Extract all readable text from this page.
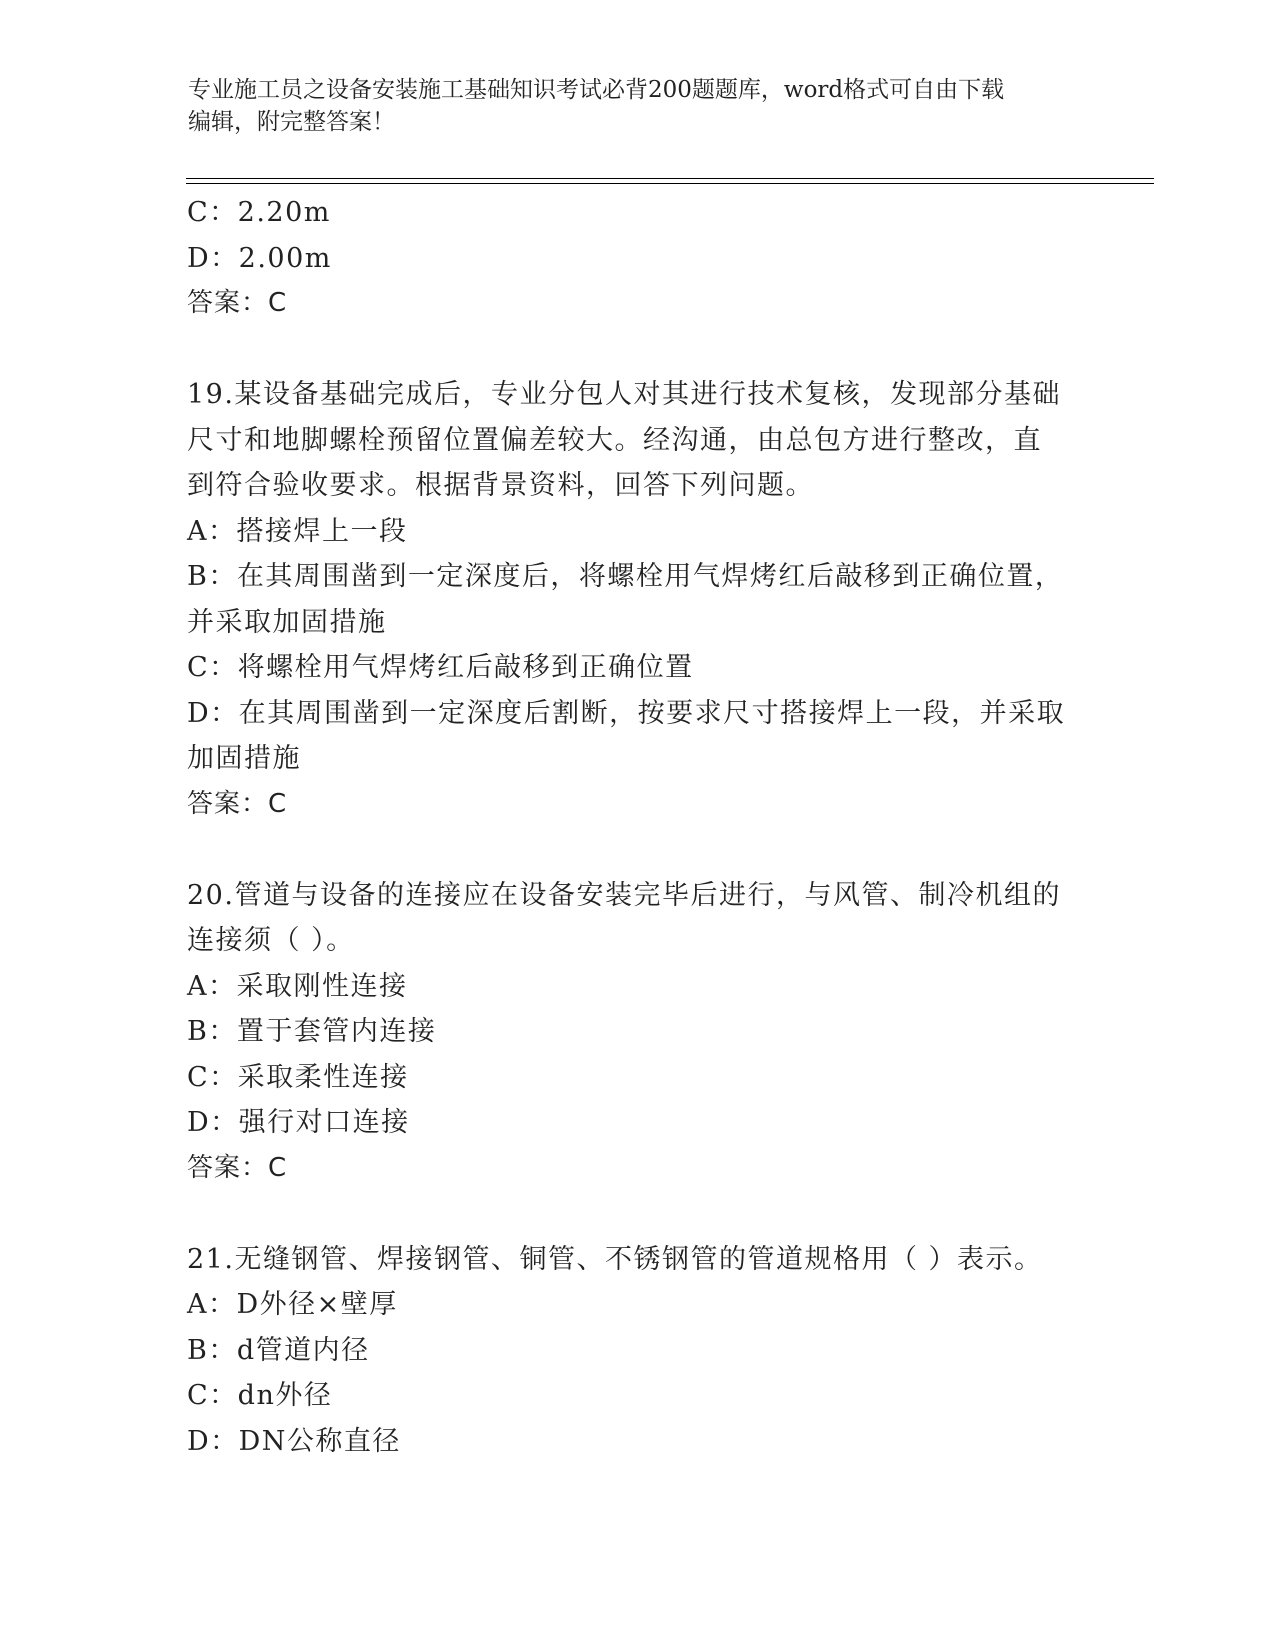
专业施工员之设备安装施工基础知识考试必背200题题库，word格式可自由下载
编辑，附完整答案！
C：2.20m
D：2.00m
答案：C
19.某设备基础完成后，专业分包人对其进行技术复核，发现部分基础
尺寸和地脚螺栓预留位置偏差较大。经沟通，由总包方进行整改，直
到符合验收要求。根据背景资料，回答下列问题。
A：搭接焊上一段
B：在其周围凿到一定深度后，将螺栓用气焊烤红后敲移到正确位置，
并采取加固措施
C：将螺栓用气焊烤红后敲移到正确位置
D：在其周围凿到一定深度后割断，按要求尺寸搭接焊上一段，并采取
加固措施
答案：C
20.管道与设备的连接应在设备安装完毕后进行，与风管、制冷机组的
连接须（ ）。
A：采取刚性连接
B：置于套管内连接
C：采取柔性连接
D：强行对口连接
答案：C
21.无缝钢管、焊接钢管、铜管、不锈钢管的管道规格用（ ）表示。
A：D外径×壁厚
B：d管道内径
C：dn外径
D：DN公称直径
